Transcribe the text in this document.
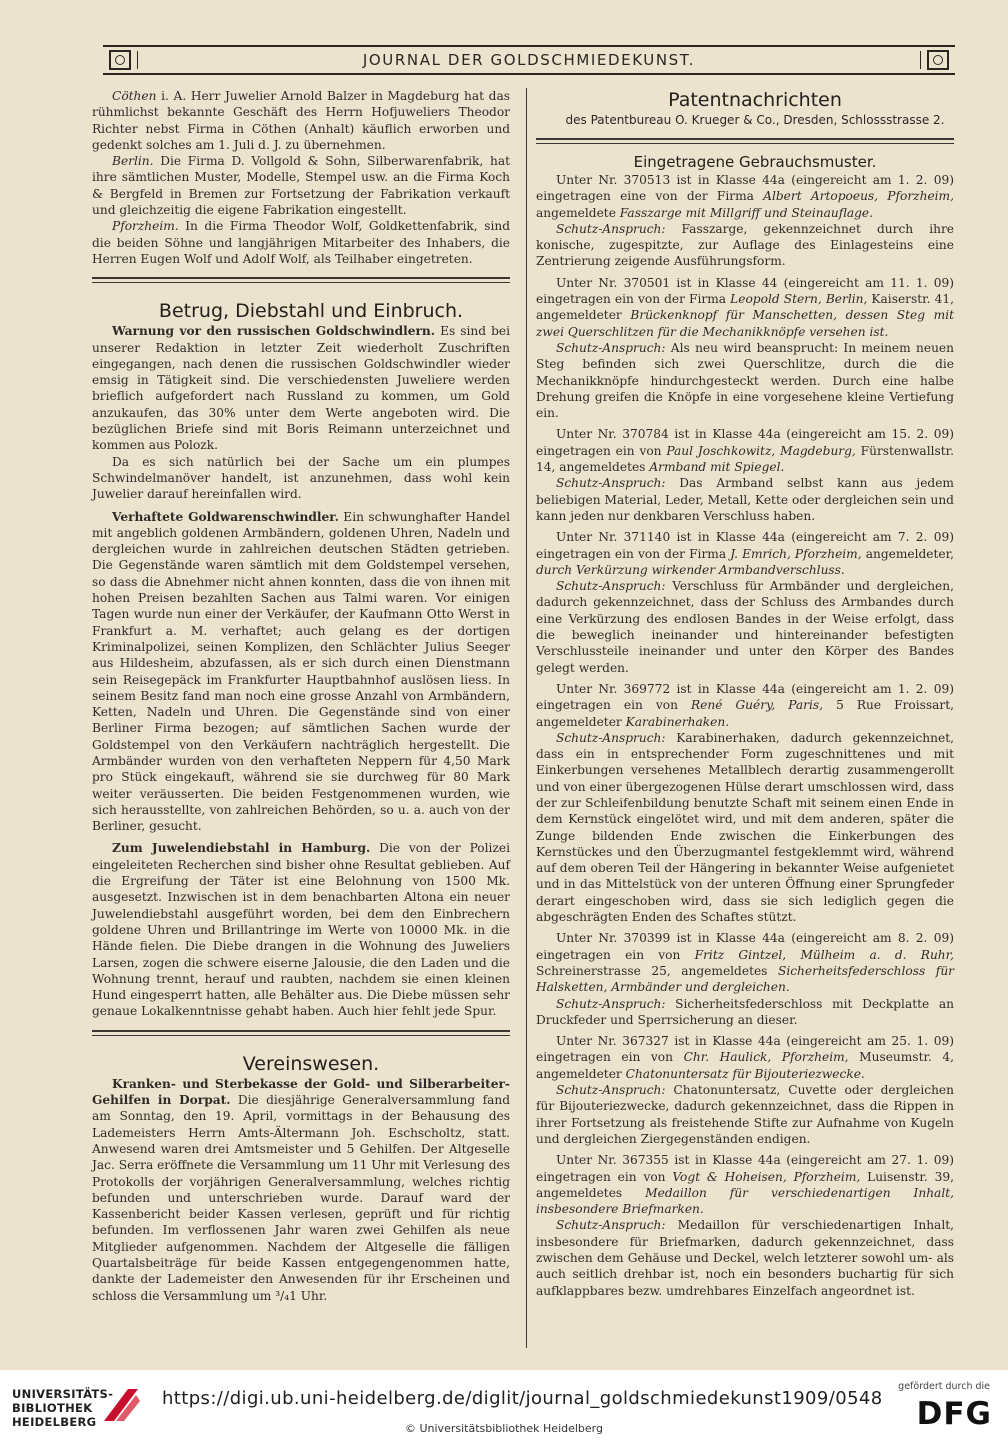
JOURNAL DER GOLDSCHMIEDEKUNST.

Cöthen i. A. Herr Juwelier Arnold Balzer in Magdeburg hat das rühmlichst bekannte Geschäft des Herrn Hofjuweliers Theodor Richter nebst Firma in Cöthen (Anhalt) käuflich erworben und gedenkt solches am 1. Juli d. J. zu übernehmen.

Berlin. Die Firma D. Vollgold & Sohn, Silberwarenfabrik, hat ihre sämtlichen Muster, Modelle, Stempel usw. an die Firma Koch & Bergfeld in Bremen zur Fortsetzung der Fabrikation verkauft und gleichzeitig die eigene Fabrikation eingestellt.

Pforzheim. In die Firma Theodor Wolf, Goldkettenfabrik, sind die beiden Söhne und langjährigen Mitarbeiter des Inhabers, die Herren Eugen Wolf und Adolf Wolf, als Teilhaber eingetreten.

Betrug, Diebstahl und Einbruch.

Warnung vor den russischen Goldschwindlern. Es sind bei unserer Redaktion in letzter Zeit wiederholt Zuschriften eingegangen, nach denen die russischen Goldschwindler wieder emsig in Tätigkeit sind. Die verschiedensten Juweliere werden brieflich aufgefordert nach Russland zu kommen, um Gold anzukaufen, das 30% unter dem Werte angeboten wird. Die bezüglichen Briefe sind mit Boris Reimann unterzeichnet und kommen aus Polozk.

Da es sich natürlich bei der Sache um ein plumpes Schwindelmanöver handelt, ist anzunehmen, dass wohl kein Juwelier darauf hereinfallen wird.

Verhaftete Goldwarenschwindler. Ein schwunghafter Handel mit angeblich goldenen Armbändern, goldenen Uhren, Nadeln und dergleichen wurde in zahlreichen deutschen Städten getrieben. Die Gegenstände waren sämtlich mit dem Goldstempel versehen, so dass die Abnehmer nicht ahnen konnten, dass die von ihnen mit hohen Preisen bezahlten Sachen aus Talmi waren. Vor einigen Tagen wurde nun einer der Verkäufer, der Kaufmann Otto Werst in Frankfurt a. M. verhaftet; auch gelang es der dortigen Kriminalpolizei, seinen Komplizen, den Schlächter Julius Seeger aus Hildesheim, abzufassen, als er sich durch einen Dienstmann sein Reisegepäck im Frankfurter Hauptbahnhof auslösen liess. In seinem Besitz fand man noch eine grosse Anzahl von Armbändern, Ketten, Nadeln und Uhren. Die Gegenstände sind von einer Berliner Firma bezogen; auf sämtlichen Sachen wurde der Goldstempel von den Verkäufern nachträglich hergestellt. Die Armbänder wurden von den verhafteten Neppern für 4,50 Mark pro Stück eingekauft, während sie sie durchweg für 80 Mark weiter veräusserten. Die beiden Festgenommenen wurden, wie sich herausstellte, von zahlreichen Behörden, so u. a. auch von der Berliner, gesucht.

Zum Juwelendiebstahl in Hamburg. Die von der Polizei eingeleiteten Recherchen sind bisher ohne Resultat geblieben. Auf die Ergreifung der Täter ist eine Belohnung von 1500 Mk. ausgesetzt. Inzwischen ist in dem benachbarten Altona ein neuer Juwelendiebstahl ausgeführt worden, bei dem den Einbrechern goldene Uhren und Brillantringe im Werte von 10000 Mk. in die Hände fielen. Die Diebe drangen in die Wohnung des Juweliers Larsen, zogen die schwere eiserne Jalousie, die den Laden und die Wohnung trennt, herauf und raubten, nachdem sie einen kleinen Hund eingesperrt hatten, alle Behälter aus. Die Diebe müssen sehr genaue Lokalkenntnisse gehabt haben. Auch hier fehlt jede Spur.

Vereinswesen.

Kranken- und Sterbekasse der Gold- und Silberarbeiter-Gehilfen in Dorpat. Die diesjährige Generalversammlung fand am Sonntag, den 19. April, vormittags in der Behausung des Lademeisters Herrn Amts-Ältermann Joh. Eschscholtz, statt. Anwesend waren drei Amtsmeister und 5 Gehilfen. Der Altgeselle Jac. Serra eröffnete die Versammlung um 11 Uhr mit Verlesung des Protokolls der vorjährigen Generalversammlung, welches richtig befunden und unterschrieben wurde. Darauf ward der Kassenbericht beider Kassen verlesen, geprüft und für richtig befunden. Im verflossenen Jahr waren zwei Gehilfen als neue Mitglieder aufgenommen. Nachdem der Altgeselle die fälligen Quartalsbeiträge für beide Kassen entgegengenommen hatte, dankte der Lademeister den Anwesenden für ihr Erscheinen und schloss die Versammlung um ³/₄1 Uhr.

Patentnachrichten

des Patentbureau O. Krueger & Co., Dresden, Schlossstrasse 2.

Eingetragene Gebrauchsmuster.

Unter Nr. 370513 ist in Klasse 44a (eingereicht am 1. 2. 09) eingetragen eine von der Firma Albert Artopoeus, Pforzheim, angemeldete Fasszarge mit Millgriff und Steinauflage.

Schutz-Anspruch: Fasszarge, gekennzeichnet durch ihre konische, zugespitzte, zur Auflage des Einlagesteins eine Zentrierung zeigende Ausführungsform.

Unter Nr. 370501 ist in Klasse 44 (eingereicht am 11. 1. 09) eingetragen ein von der Firma Leopold Stern, Berlin, Kaiserstr. 41, angemeldeter Brückenknopf für Manschetten, dessen Steg mit zwei Querschlitzen für die Mechanikknöpfe versehen ist.

Schutz-Anspruch: Als neu wird beansprucht: In meinem neuen Steg befinden sich zwei Querschlitze, durch die die Mechanikknöpfe hindurchgesteckt werden. Durch eine halbe Drehung greifen die Knöpfe in eine vorgesehene kleine Vertiefung ein.

Unter Nr. 370784 ist in Klasse 44a (eingereicht am 15. 2. 09) eingetragen ein von Paul Joschkowitz, Magdeburg, Fürstenwallstr. 14, angemeldetes Armband mit Spiegel.

Schutz-Anspruch: Das Armband selbst kann aus jedem beliebigen Material, Leder, Metall, Kette oder dergleichen sein und kann jeden nur denkbaren Verschluss haben.

Unter Nr. 371140 ist in Klasse 44a (eingereicht am 7. 2. 09) eingetragen ein von der Firma J. Emrich, Pforzheim, angemeldeter, durch Verkürzung wirkender Armbandverschluss.

Schutz-Anspruch: Verschluss für Armbänder und dergleichen, dadurch gekennzeichnet, dass der Schluss des Armbandes durch eine Verkürzung des endlosen Bandes in der Weise erfolgt, dass die beweglich ineinander und hintereinander befestigten Verschlussteile ineinander und unter den Körper des Bandes gelegt werden.

Unter Nr. 369772 ist in Klasse 44a (eingereicht am 1. 2. 09) eingetragen ein von René Guéry, Paris, 5 Rue Froissart, angemeldeter Karabinerhaken.

Schutz-Anspruch: Karabinerhaken, dadurch gekennzeichnet, dass ein in entsprechender Form zugeschnittenes und mit Einkerbungen versehenes Metallblech derartig zusammengerollt und von einer übergezogenen Hülse derart umschlossen wird, dass der zur Schleifenbildung benutzte Schaft mit seinem einen Ende in dem Kernstück eingelötet wird, und mit dem anderen, später die Zunge bildenden Ende zwischen die Einkerbungen des Kernstückes und den Überzugmantel festgeklemmt wird, während auf dem oberen Teil der Hängering in bekannter Weise aufgenietet und in das Mittelstück von der unteren Öffnung einer Sprungfeder derart eingeschoben wird, dass sie sich lediglich gegen die abgeschrägten Enden des Schaftes stützt.

Unter Nr. 370399 ist in Klasse 44a (eingereicht am 8. 2. 09) eingetragen ein von Fritz Gintzel, Mülheim a. d. Ruhr, Schreinerstrasse 25, angemeldetes Sicherheitsfederschloss für Halsketten, Armbänder und dergleichen.

Schutz-Anspruch: Sicherheitsfederschloss mit Deckplatte an Druckfeder und Sperrsicherung an dieser.

Unter Nr. 367327 ist in Klasse 44a (eingereicht am 25. 1. 09) eingetragen ein von Chr. Haulick, Pforzheim, Museumstr. 4, angemeldeter Chatonuntersatz für Bijouteriezwecke.

Schutz-Anspruch: Chatonuntersatz, Cuvette oder dergleichen für Bijouteriezwecke, dadurch gekennzeichnet, dass die Rippen in ihrer Fortsetzung als freistehende Stifte zur Aufnahme von Kugeln und dergleichen Ziergegenständen endigen.

Unter Nr. 367355 ist in Klasse 44a (eingereicht am 27. 1. 09) eingetragen ein von Vogt & Hoheisen, Pforzheim, Luisenstr. 39, angemeldetes Medaillon für verschiedenartigen Inhalt, insbesondere Briefmarken.

Schutz-Anspruch: Medaillon für verschiedenartigen Inhalt, insbesondere für Briefmarken, dadurch gekennzeichnet, dass zwischen dem Gehäuse und Deckel, welch letzterer sowohl um- als auch seitlich drehbar ist, noch ein besonders buchartig für sich aufklappbares bezw. umdrehbares Einzelfach angeordnet ist.

UNIVERSITÄTS-
BIBLIOTHEK
HEIDELBERG
https://digi.ub.uni-heidelberg.de/diglit/journal_goldschmiedekunst1909/0548
© Universitätsbibliothek Heidelberg
gefördert durch die
DFG
